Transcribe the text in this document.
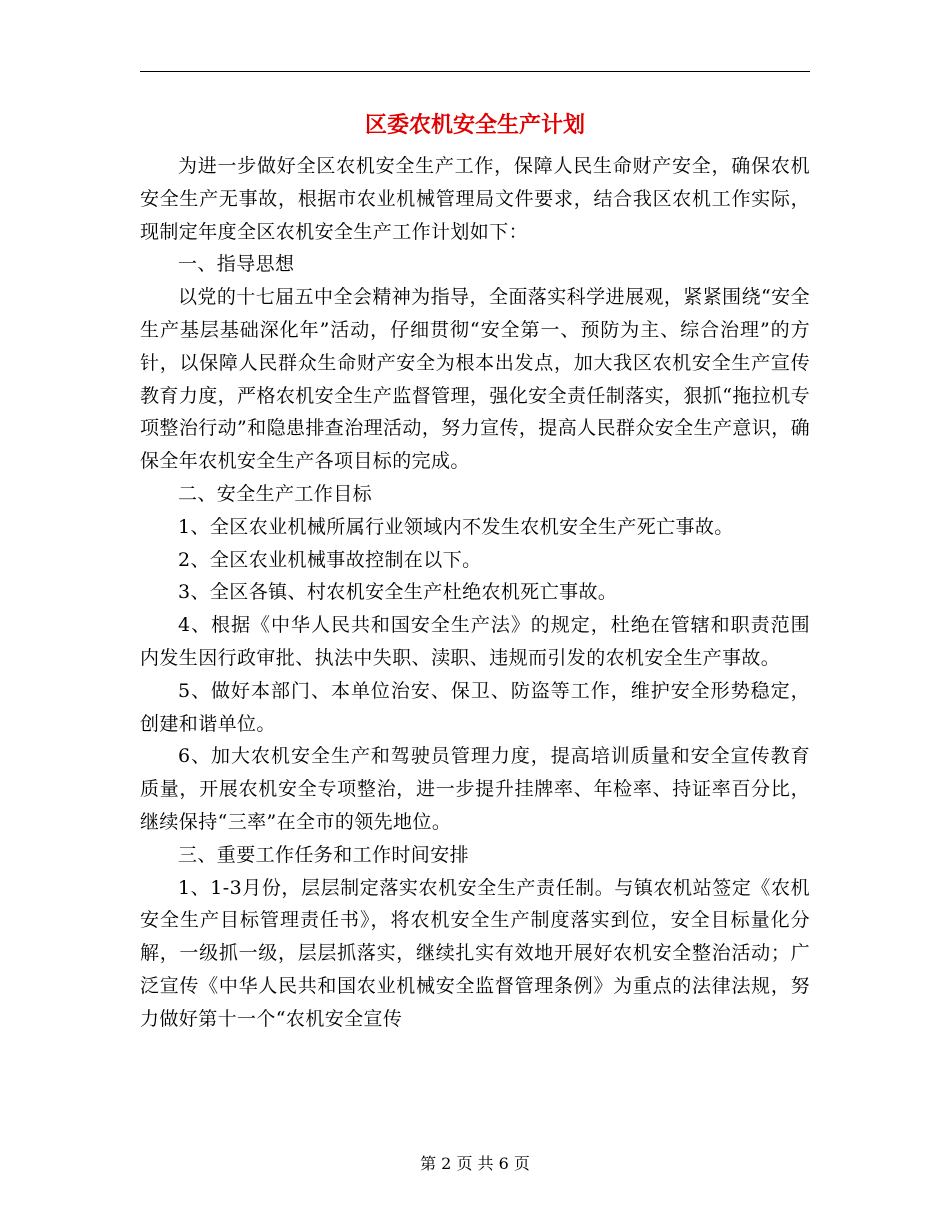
区委农机安全生产计划

为进一步做好全区农机安全生产工作，保障人民生命财产安全，确保农机安全生产无事故，根据市农业机械管理局文件要求，结合我区农机工作实际，现制定年度全区农机安全生产工作计划如下：

一、指导思想

以党的十七届五中全会精神为指导，全面落实科学进展观，紧紧围绕“安全生产基层基础深化年”活动，仔细贯彻“安全第一、预防为主、综合治理”的方针，以保障人民群众生命财产安全为根本出发点，加大我区农机安全生产宣传教育力度，严格农机安全生产监督管理，强化安全责任制落实，狠抓“拖拉机专项整治行动”和隐患排查治理活动，努力宣传，提高人民群众安全生产意识，确保全年农机安全生产各项目标的完成。

二、安全生产工作目标

1、全区农业机械所属行业领域内不发生农机安全生产死亡事故。

2、全区农业机械事故控制在以下。

3、全区各镇、村农机安全生产杜绝农机死亡事故。

4、根据《中华人民共和国安全生产法》的规定，杜绝在管辖和职责范围内发生因行政审批、执法中失职、渎职、违规而引发的农机安全生产事故。

5、做好本部门、本单位治安、保卫、防盗等工作，维护安全形势稳定，创建和谐单位。

6、加大农机安全生产和驾驶员管理力度，提高培训质量和安全宣传教育质量，开展农机安全专项整治，进一步提升挂牌率、年检率、持证率百分比，继续保持“三率”在全市的领先地位。

三、重要工作任务和工作时间安排

1、1-3月份，层层制定落实农机安全生产责任制。与镇农机站签定《农机安全生产目标管理责任书》，将农机安全生产制度落实到位，安全目标量化分解，一级抓一级，层层抓落实，继续扎实有效地开展好农机安全整治活动；广泛宣传《中华人民共和国农业机械安全监督管理条例》为重点的法律法规，努力做好第十一个“农机安全宣传

第 2 页 共 6 页
